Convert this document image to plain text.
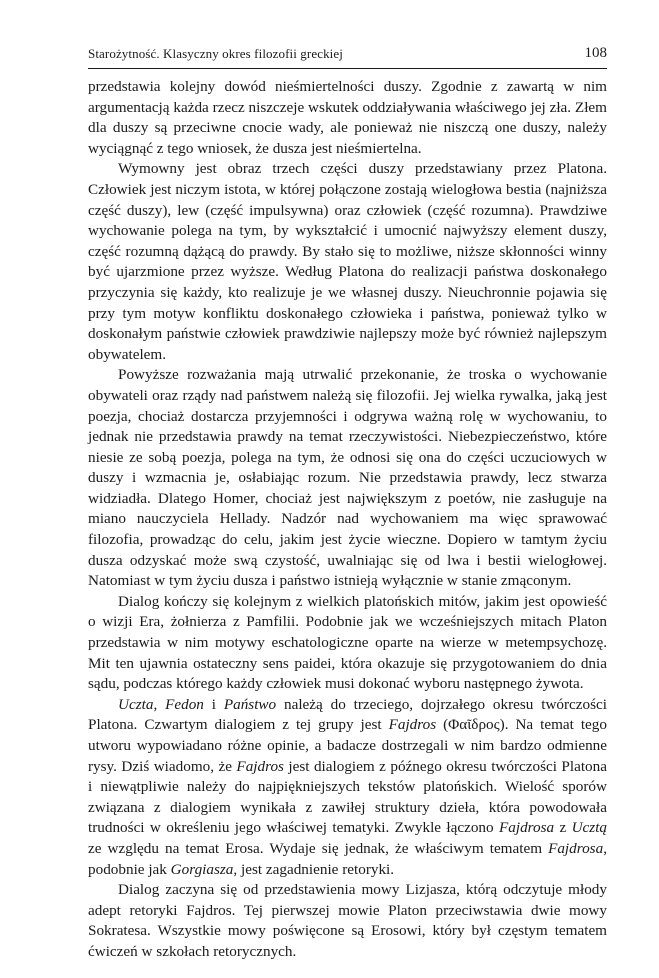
Starożytność. Klasyczny okres filozofii greckiej	108

przedstawia kolejny dowód nieśmiertelności duszy. Zgodnie z zawartą w nim argumentacją każda rzecz niszczeje wskutek oddziaływania właściwego jej zła. Złem dla duszy są przeciwne cnocie wady, ale ponieważ nie niszczą one duszy, należy wyciągnąć z tego wniosek, że dusza jest nieśmiertelna.

Wymowny jest obraz trzech części duszy przedstawiany przez Platona. Człowiek jest niczym istota, w której połączone zostają wielogłowa bestia (najniższa część duszy), lew (część impulsywna) oraz człowiek (część rozumna). Prawdziwe wychowanie polega na tym, by wykształcić i umocnić najwyższy element duszy, część rozumną dążącą do prawdy. By stało się to możliwe, niższe skłonności winny być ujarzmione przez wyższe. Według Platona do realizacji państwa doskonałego przyczynia się każdy, kto realizuje je we własnej duszy. Nieuchronnie pojawia się przy tym motyw konfliktu doskonałego człowieka i państwa, ponieważ tylko w doskonałym państwie człowiek prawdziwie najlepszy może być również najlepszym obywatelem.

Powyższe rozważania mają utrwalić przekonanie, że troska o wychowanie obywateli oraz rządy nad państwem należą się filozofii. Jej wielka rywalka, jaką jest poezja, chociaż dostarcza przyjemności i odgrywa ważną rolę w wychowaniu, to jednak nie przedstawia prawdy na temat rzeczywistości. Niebezpieczeństwo, które niesie ze sobą poezja, polega na tym, że odnosi się ona do części uczuciowych w duszy i wzmacnia je, osłabiając rozum. Nie przedstawia prawdy, lecz stwarza widziadła. Dlatego Homer, chociaż jest największym z poetów, nie zasługuje na miano nauczyciela Hellady. Nadzór nad wychowaniem ma więc sprawować filozofia, prowadząc do celu, jakim jest życie wieczne. Dopiero w tamtym życiu dusza odzyskać może swą czystość, uwalniając się od lwa i bestii wielogłowej. Natomiast w tym życiu dusza i państwo istnieją wyłącznie w stanie zmąconym.

Dialog kończy się kolejnym z wielkich platońskich mitów, jakim jest opowieść o wizji Era, żołnierza z Pamfilii. Podobnie jak we wcześniejszych mitach Platon przedstawia w nim motywy eschatologiczne oparte na wierze w metempsychozę. Mit ten ujawnia ostateczny sens paidei, która okazuje się przygotowaniem do dnia sądu, podczas którego każdy człowiek musi dokonać wyboru następnego żywota.

Uczta, Fedon i Państwo należą do trzeciego, dojrzałego okresu twórczości Platona. Czwartym dialogiem z tej grupy jest Fajdros (Φαῖδρος). Na temat tego utworu wypowiadano różne opinie, a badacze dostrzegali w nim bardzo odmienne rysy. Dziś wiadomo, że Fajdros jest dialogiem z późnego okresu twórczości Platona i niewątpliwie należy do najpiękniejszych tekstów platońskich. Wielość sporów związana z dialogiem wynikała z zawiłej struktury dzieła, która powodowała trudności w określeniu jego właściwej tematyki. Zwykle łączono Fajdrosa z Ucztą ze względu na temat Erosa. Wydaje się jednak, że właściwym tematem Fajdrosa, podobnie jak Gorgiasza, jest zagadnienie retoryki.

Dialog zaczyna się od przedstawienia mowy Lizjasza, którą odczytuje młody adept retoryki Fajdros. Tej pierwszej mowie Platon przeciwstawia dwie mowy Sokratesa. Wszystkie mowy poświęcone są Erosowi, który był częstym tematem ćwiczeń w szkołach retorycznych.
